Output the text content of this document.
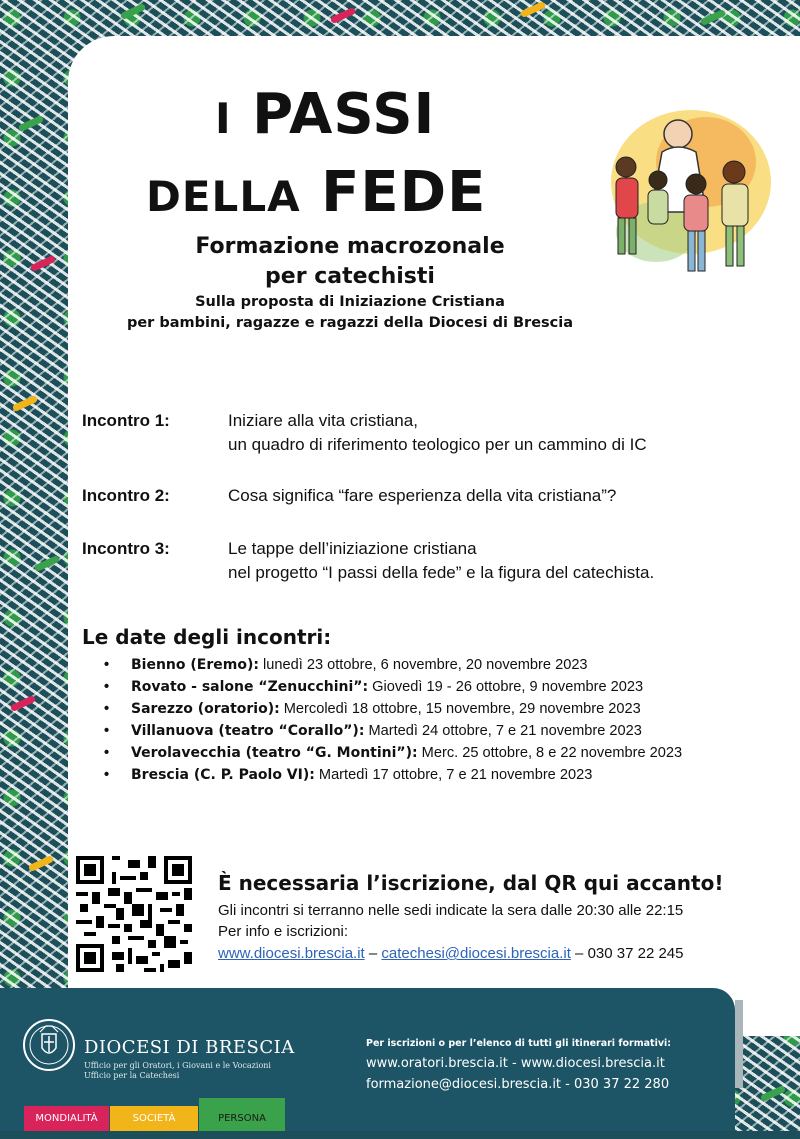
I PASSI
DELLA FEDE

Formazione macrozonale
per catechisti

Sulla proposta di Iniziazione Cristiana
per bambini, ragazze e ragazzi della Diocesi di Brescia

Incontro 1:	Iniziare alla vita cristiana,
un quadro di riferimento teologico per un cammino di IC
Incontro 2:	Cosa significa “fare esperienza della vita cristiana”?
Incontro 3:	Le tappe dell’iniziazione cristiana
nel progetto “I passi della fede” e la figura del catechista.
Le date degli incontri:
• Bienno (Eremo): lunedì 23 ottobre, 6 novembre, 20 novembre 2023
• Rovato - salone “Zenucchini”: Giovedì 19 - 26 ottobre, 9 novembre 2023
• Sarezzo (oratorio): Mercoledì 18 ottobre, 15 novembre, 29 novembre 2023
• Villanuova (teatro “Corallo”): Martedì 24 ottobre, 7 e 21 novembre 2023
• Verolavecchia (teatro “G. Montini”): Merc. 25 ottobre, 8 e 22 novembre 2023
• Brescia (C. P. Paolo VI): Martedì 17 ottobre, 7 e 21 novembre 2023
È necessaria l’iscrizione, dal QR qui accanto!
Gli incontri si terranno nelle sedi indicate la sera dalle 20:30 alle 22:15
Per info e iscrizioni:
www.diocesi.brescia.it – catechesi@diocesi.brescia.it – 030 37 22 245

DIOCESI DI BRESCIA

Ufficio per gli Oratori, i Giovani e le Vocazioni
Ufficio per la Catechesi
Per iscrizioni o per l’elenco di tutti gli itinerari formativi:
www.oratori.brescia.it - www.diocesi.brescia.it
formazione@diocesi.brescia.it - 030 37 22 280
MONDIALITÀ	SOCIETÀ	PERSONA
